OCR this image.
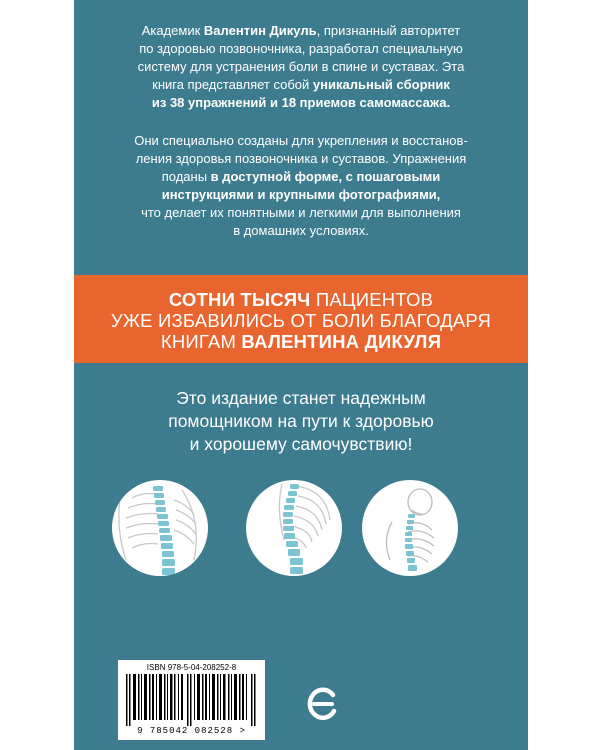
Академик Валентин Дикуль, признанный авторитет

по здоровью позвоночника, разработал специальную

систему для устранения боли в спине и суставах. Эта

книга представляет собой уникальный сборник

из 38 упражнений и 18 приемов самомассажа.

Они специально созданы для укрепления и восстанов-

ления здоровья позвоночника и суставов. Упражнения

поданы в доступной форме, с пошаговыми

инструкциями и крупными фотографиями,

что делает их понятными и легкими для выполнения

в домашних условиях.

СОТНИ ТЫСЯЧ ПАЦИЕНТОВ

УЖЕ ИЗБАВИЛИСЬ ОТ БОЛИ БЛАГОДАРЯ

КНИГАМ ВАЛЕНТИНА ДИКУЛЯ

Это издание станет надежным

помощником на пути к здоровью

и хорошему самочувствию!

ISBN 978-5-04-208252-8
9 785042 082528 >
